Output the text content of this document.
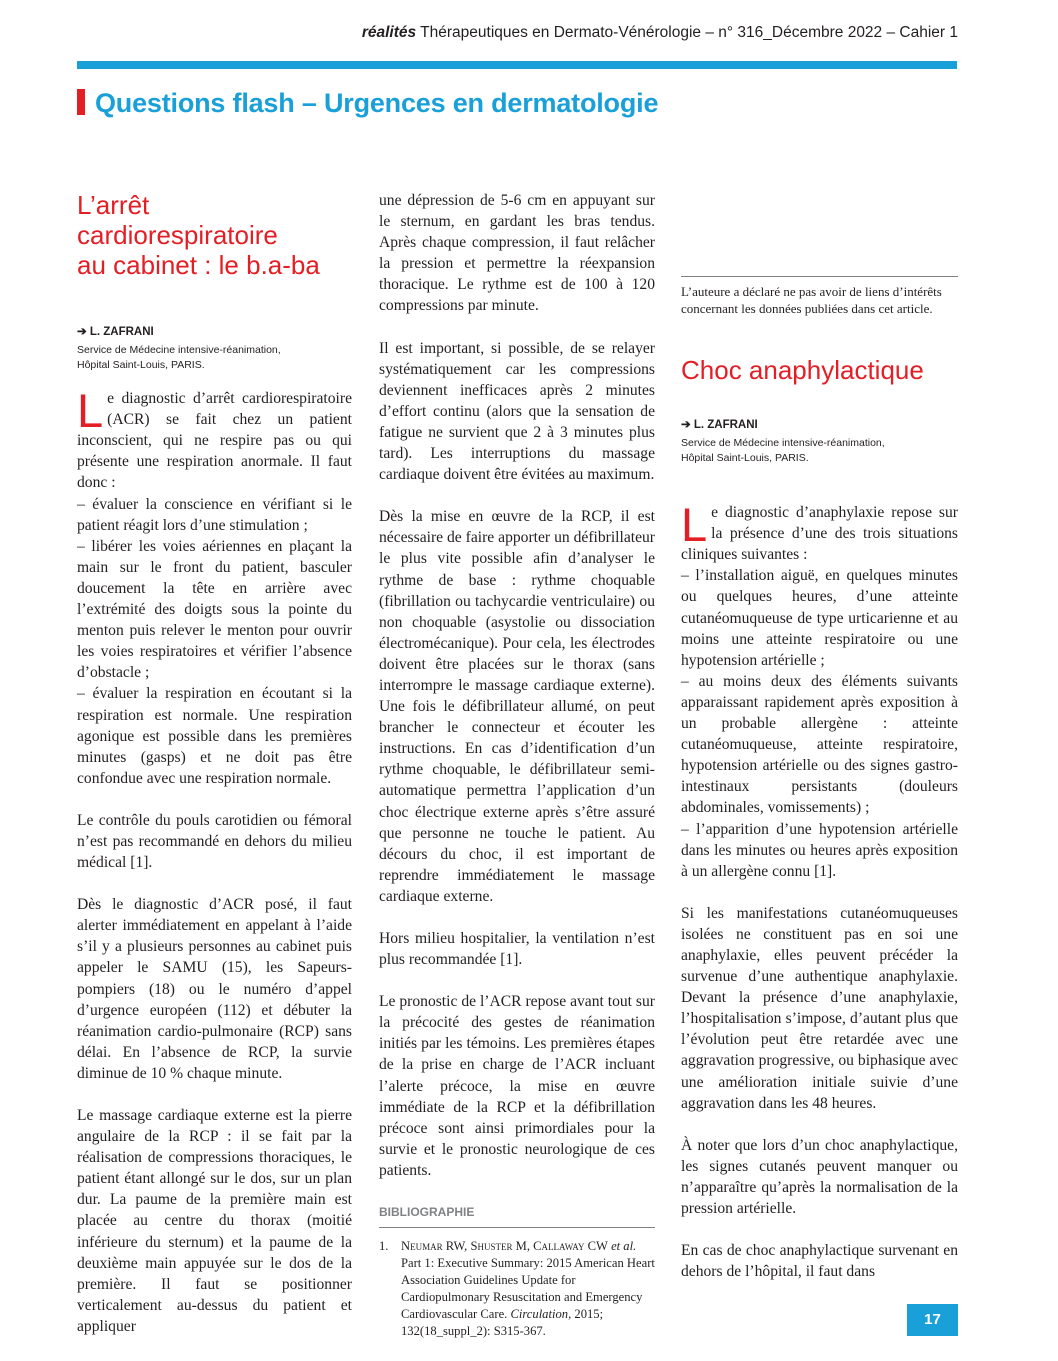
réalités Thérapeutiques en Dermato-Vénérologie – n° 316_Décembre 2022 – Cahier 1
Questions flash – Urgences en dermatologie
L’arrêt
cardiorespiratoire
au cabinet : le b.a-ba

➔ L. ZAFRANI

Service de Médecine intensive-réanimation,
Hôpital Saint-Louis, PARIS.

Le diagnostic d’arrêt cardiorespiratoire (ACR) se fait chez un patient inconscient, qui ne respire pas ou qui présente une respiration anormale. Il faut donc :
– évaluer la conscience en vérifiant si le patient réagit lors d’une stimulation ;
– libérer les voies aériennes en plaçant la main sur le front du patient, basculer doucement la tête en arrière avec l’extrémité des doigts sous la pointe du menton puis relever le menton pour ouvrir les voies respiratoires et vérifier l’absence d’obstacle ;

– évaluer la respiration en écoutant si la respiration est normale. Une respiration agonique est possible dans les premières minutes (gasps) et ne doit pas être confondue avec une respiration normale.

Le contrôle du pouls carotidien ou fémoral n’est pas recommandé en dehors du milieu médical [1].

Dès le diagnostic d’ACR posé, il faut alerter immédiatement en appelant à l’aide s’il y a plusieurs personnes au cabinet puis appeler le SAMU (15), les Sapeurs-pompiers (18) ou le numéro d’appel d’urgence européen (112) et débuter la réanimation cardio-pulmonaire (RCP) sans délai. En l’absence de RCP, la survie diminue de 10 % chaque minute.

Le massage cardiaque externe est la pierre angulaire de la RCP : il se fait par la réalisation de compressions thoraciques, le patient étant allongé sur le dos, sur un plan dur. La paume de la première main est placée au centre du thorax (moitié inférieure du sternum) et la paume de la deuxième main appuyée sur le dos de la première. Il faut se positionner verticalement au-dessus du patient et appliquer

une dépression de 5-6 cm en appuyant sur le sternum, en gardant les bras tendus. Après chaque compression, il faut relâcher la pression et permettre la réexpansion thoracique. Le rythme est de 100 à 120 compressions par minute.

Il est important, si possible, de se relayer systématiquement car les compressions deviennent inefficaces après 2 minutes d’effort continu (alors que la sensation de fatigue ne survient que 2 à 3 minutes plus tard). Les interruptions du massage cardiaque doivent être évitées au maximum.

Dès la mise en œuvre de la RCP, il est nécessaire de faire apporter un défibrillateur le plus vite possible afin d’analyser le rythme de base : rythme choquable (fibrillation ou tachycardie ventriculaire) ou non choquable (asystolie ou dissociation électromécanique). Pour cela, les électrodes doivent être placées sur le thorax (sans interrompre le massage cardiaque externe). Une fois le défibrillateur allumé, on peut brancher le connecteur et écouter les instructions. En cas d’identification d’un rythme choquable, le défibrillateur semi-automatique permettra l’application d’un choc électrique externe après s’être assuré que personne ne touche le patient. Au décours du choc, il est important de reprendre immédiatement le massage cardiaque externe.

Hors milieu hospitalier, la ventilation n’est plus recommandée [1].

Le pronostic de l’ACR repose avant tout sur la précocité des gestes de réanimation initiés par les témoins. Les premières étapes de la prise en charge de l’ACR incluant l’alerte précoce, la mise en œuvre immédiate de la RCP et la défibrillation précoce sont ainsi primordiales pour la survie et le pronostic neurologique de ces patients.

BIBLIOGRAPHIE
1. Neumar RW, Shuster M, Callaway CW et al. Part 1: Executive Summary: 2015 American Heart Association Guidelines Update for Cardiopulmonary Resuscitation and Emergency Cardiovascular Care. Circulation, 2015; 132(18_suppl_2): S315-367.
L’auteure a déclaré ne pas avoir de liens d’intérêts concernant les données publiées dans cet article.
Choc anaphylactique

➔ L. ZAFRANI

Service de Médecine intensive-réanimation,
Hôpital Saint-Louis, PARIS.

Le diagnostic d’anaphylaxie repose sur la présence d’une des trois situations cliniques suivantes :
– l’installation aiguë, en quelques minutes ou quelques heures, d’une atteinte cutanéomuqueuse de type urticarienne et au moins une atteinte respiratoire ou une hypotension artérielle ;
– au moins deux des éléments suivants apparaissant rapidement après exposition à un probable allergène : atteinte cutanéomuqueuse, atteinte respiratoire, hypotension artérielle ou des signes gastro-intestinaux persistants (douleurs abdominales, vomissements) ;

– l’apparition d’une hypotension artérielle dans les minutes ou heures après exposition à un allergène connu [1].

Si les manifestations cutanéomuqueuses isolées ne constituent pas en soi une anaphylaxie, elles peuvent précéder la survenue d’une authentique anaphylaxie. Devant la présence d’une anaphylaxie, l’hospitalisation s’impose, d’autant plus que l’évolution peut être retardée avec une aggravation progressive, ou biphasique avec une amélioration initiale suivie d’une aggravation dans les 48 heures.

À noter que lors d’un choc anaphylactique, les signes cutanés peuvent manquer ou n’apparaître qu’après la normalisation de la pression artérielle.

En cas de choc anaphylactique survenant en dehors de l’hôpital, il faut dans

17
